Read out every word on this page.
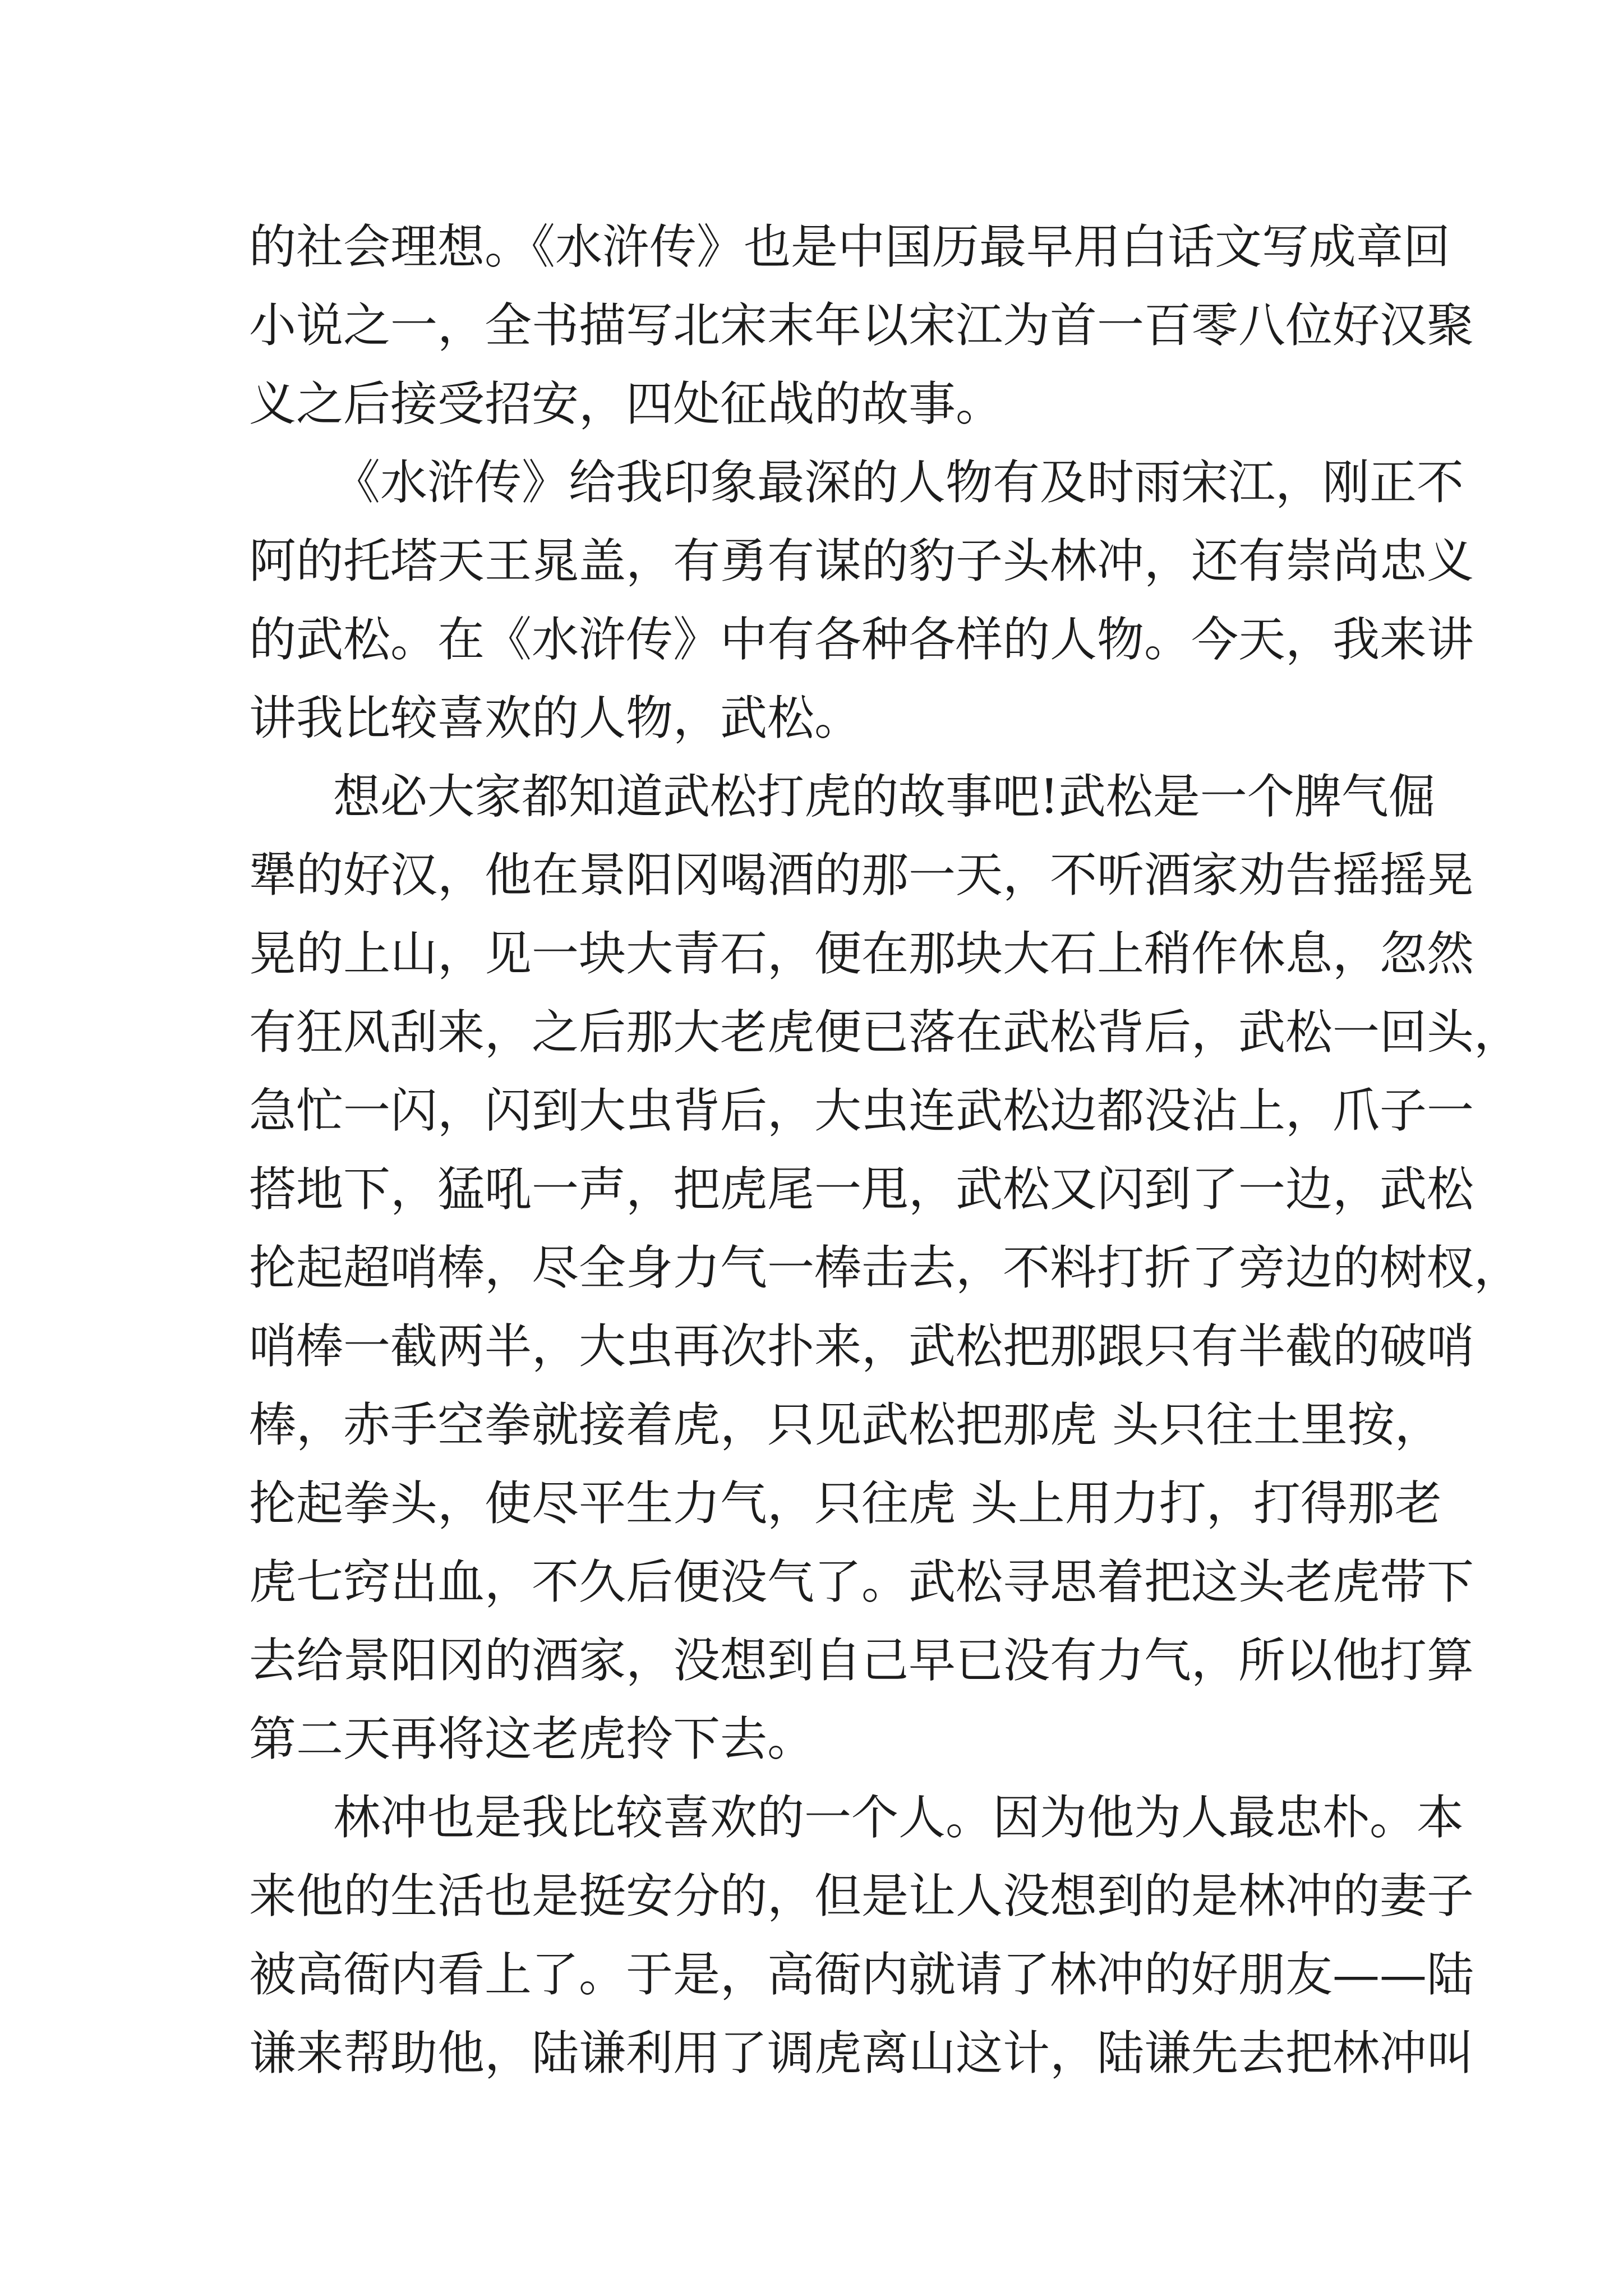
的社会理想。《水浒传》也是中国历最早用白话文写成章回
小说之一，全书描写北宋末年以宋江为首一百零八位好汉聚
义之后接受招安，四处征战的故事。
《水浒传》给我印象最深的人物有及时雨宋江，刚正不
阿的托塔天王晁盖，有勇有谋的豹子头林冲，还有崇尚忠义
的武松。在《水浒传》中有各种各样的人物。今天，我来讲
讲我比较喜欢的人物，武松。
想必大家都知道武松打虎的故事吧!武松是一个脾气倔
犟的好汉，他在景阳冈喝酒的那一天，不听酒家劝告摇摇晃
晃的上山，见一块大青石，便在那块大石上稍作休息，忽然
有狂风刮来，之后那大老虎便已落在武松背后，武松一回头，
急忙一闪，闪到大虫背后，大虫连武松边都没沾上，爪子一
搭地下，猛吼一声，把虎尾一甩，武松又闪到了一边，武松
抡起超哨棒，尽全身力气一棒击去，不料打折了旁边的树杈，
哨棒一截两半，大虫再次扑来，武松把那跟只有半截的破哨
棒，赤手空拳就接着虎，只见武松把那虎 头只往土里按，
抡起拳头，使尽平生力气，只往虎 头上用力打，打得那老
虎七窍出血，不久后便没气了。武松寻思着把这头老虎带下
去给景阳冈的酒家，没想到自己早已没有力气，所以他打算
第二天再将这老虎拎下去。
林冲也是我比较喜欢的一个人。因为他为人最忠朴。本
来他的生活也是挺安分的，但是让人没想到的是林冲的妻子
被高衙内看上了。于是，高衙内就请了林冲的好朋友——陆
谦来帮助他，陆谦利用了调虎离山这计，陆谦先去把林冲叫
